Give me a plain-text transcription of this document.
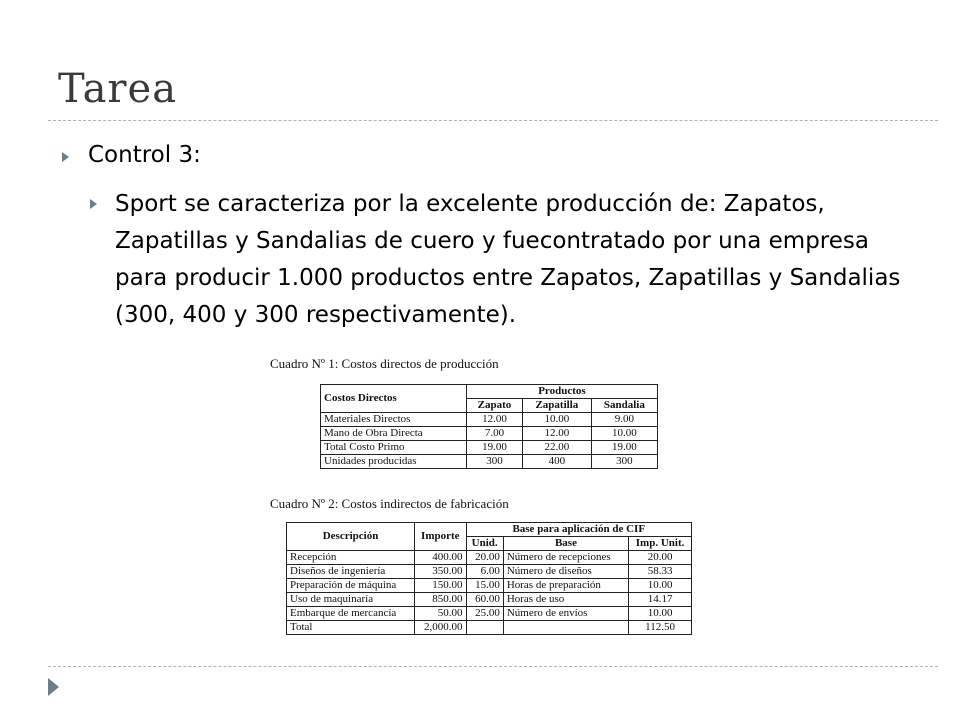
Tarea
Control 3:
Sport se caracteriza por la excelente producción de: Zapatos, Zapatillas y Sandalias de cuero y fuecontratado por una empresa para producir 1.000 productos entre Zapatos, Zapatillas y Sandalias (300, 400 y 300 respectivamente).
Cuadro Nº 1: Costos directos de producción
Costos Directos	Productos		
	Zapato	Zapatilla	Sandalia
Materiales Directos	12.00	10.00	9.00
Mano de Obra Directa	7.00	12.00	10.00
Total Costo Primo	19.00	22.00	19.00
Unidades producidas	300	400	300
Cuadro Nº 2: Costos indirectos de fabricación
Descripción	Importe	Base para aplicación de CIF		
		Unid.	Base	Imp. Unit.
Recepción	400.00	20.00	Número de recepciones	20.00
Diseños de ingeniería	350.00	6.00	Número de diseños	58.33
Preparación de máquina	150.00	15.00	Horas de preparación	10.00
Uso de maquinaría	850.00	60.00	Horas de uso	14.17
Embarque de mercancía	50.00	25.00	Número de envíos	10.00
Total	2,000.00			112.50
